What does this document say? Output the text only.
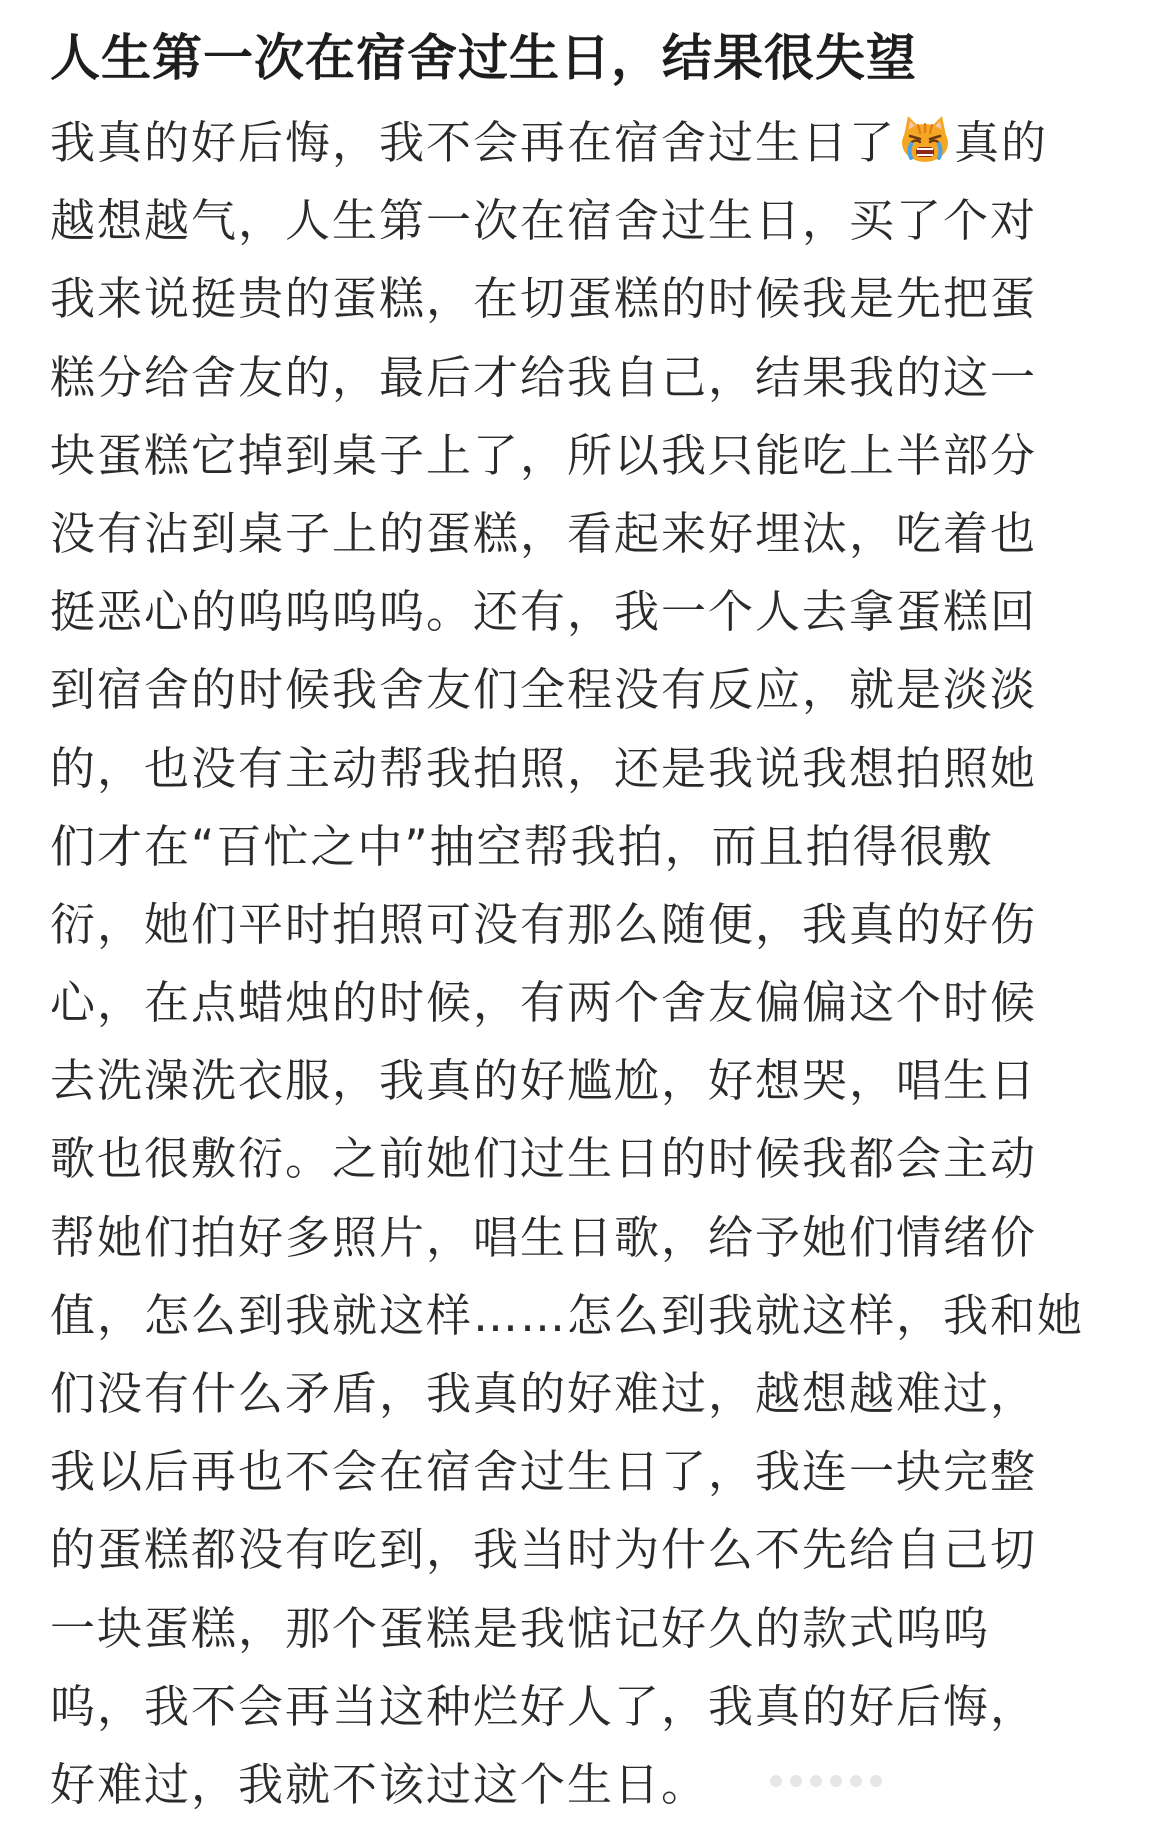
人生第一次在宿舍过生日，结果很失望
我真的好后悔，我不会再在宿舍过生日了 真的
越想越气，人生第一次在宿舍过生日，买了个对
我来说挺贵的蛋糕，在切蛋糕的时候我是先把蛋
糕分给舍友的，最后才给我自己，结果我的这一
块蛋糕它掉到桌子上了，所以我只能吃上半部分
没有沾到桌子上的蛋糕，看起来好埋汰，吃着也
挺恶心的呜呜呜呜。还有，我一个人去拿蛋糕回
到宿舍的时候我舍友们全程没有反应，就是淡淡
的，也没有主动帮我拍照，还是我说我想拍照她
们才在“百忙之中”抽空帮我拍，而且拍得很敷
衍，她们平时拍照可没有那么随便，我真的好伤
心，在点蜡烛的时候，有两个舍友偏偏这个时候
去洗澡洗衣服，我真的好尴尬，好想哭，唱生日
歌也很敷衍。之前她们过生日的时候我都会主动
帮她们拍好多照片，唱生日歌，给予她们情绪价
值，怎么到我就这样……怎么到我就这样，我和她
们没有什么矛盾，我真的好难过，越想越难过，
我以后再也不会在宿舍过生日了，我连一块完整
的蛋糕都没有吃到，我当时为什么不先给自己切
一块蛋糕，那个蛋糕是我惦记好久的款式呜呜
呜，我不会再当这种烂好人了，我真的好后悔，
好难过，我就不该过这个生日。
